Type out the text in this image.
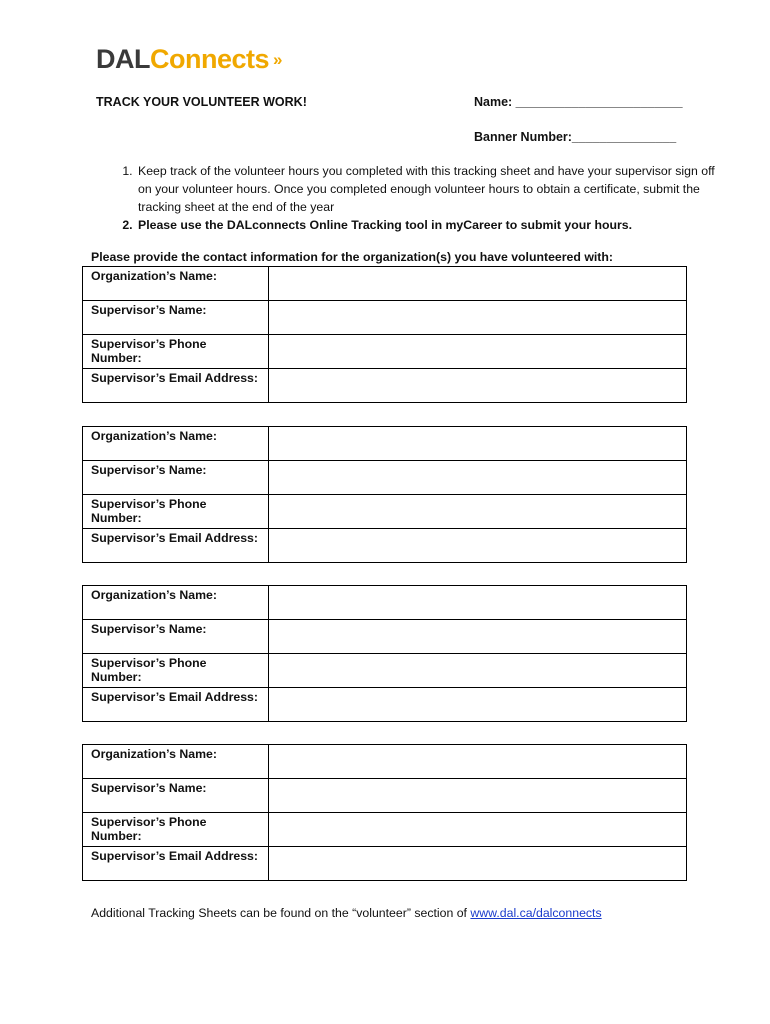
DALConnects »
TRACK YOUR VOLUNTEER WORK!	Name: ________________________
Banner Number:_______________
1. Keep track of the volunteer hours you completed with this tracking sheet and have your supervisor sign off on your volunteer hours. Once you completed enough volunteer hours to obtain a certificate, submit the tracking sheet at the end of the year
2. Please use the DALconnects Online Tracking tool in myCareer to submit your hours.
Please provide the contact information for the organization(s) you have volunteered with:
Organization’s Name:	
Supervisor’s Name:	
Supervisor’s Phone Number:	
Supervisor’s Email Address:	
Organization’s Name:	
Supervisor’s Name:	
Supervisor’s Phone Number:	
Supervisor’s Email Address:	
Organization’s Name:	
Supervisor’s Name:	
Supervisor’s Phone Number:	
Supervisor’s Email Address:	
Organization’s Name:	
Supervisor’s Name:	
Supervisor’s Phone Number:	
Supervisor’s Email Address:	
Additional Tracking Sheets can be found on the “volunteer” section of www.dal.ca/dalconnects
